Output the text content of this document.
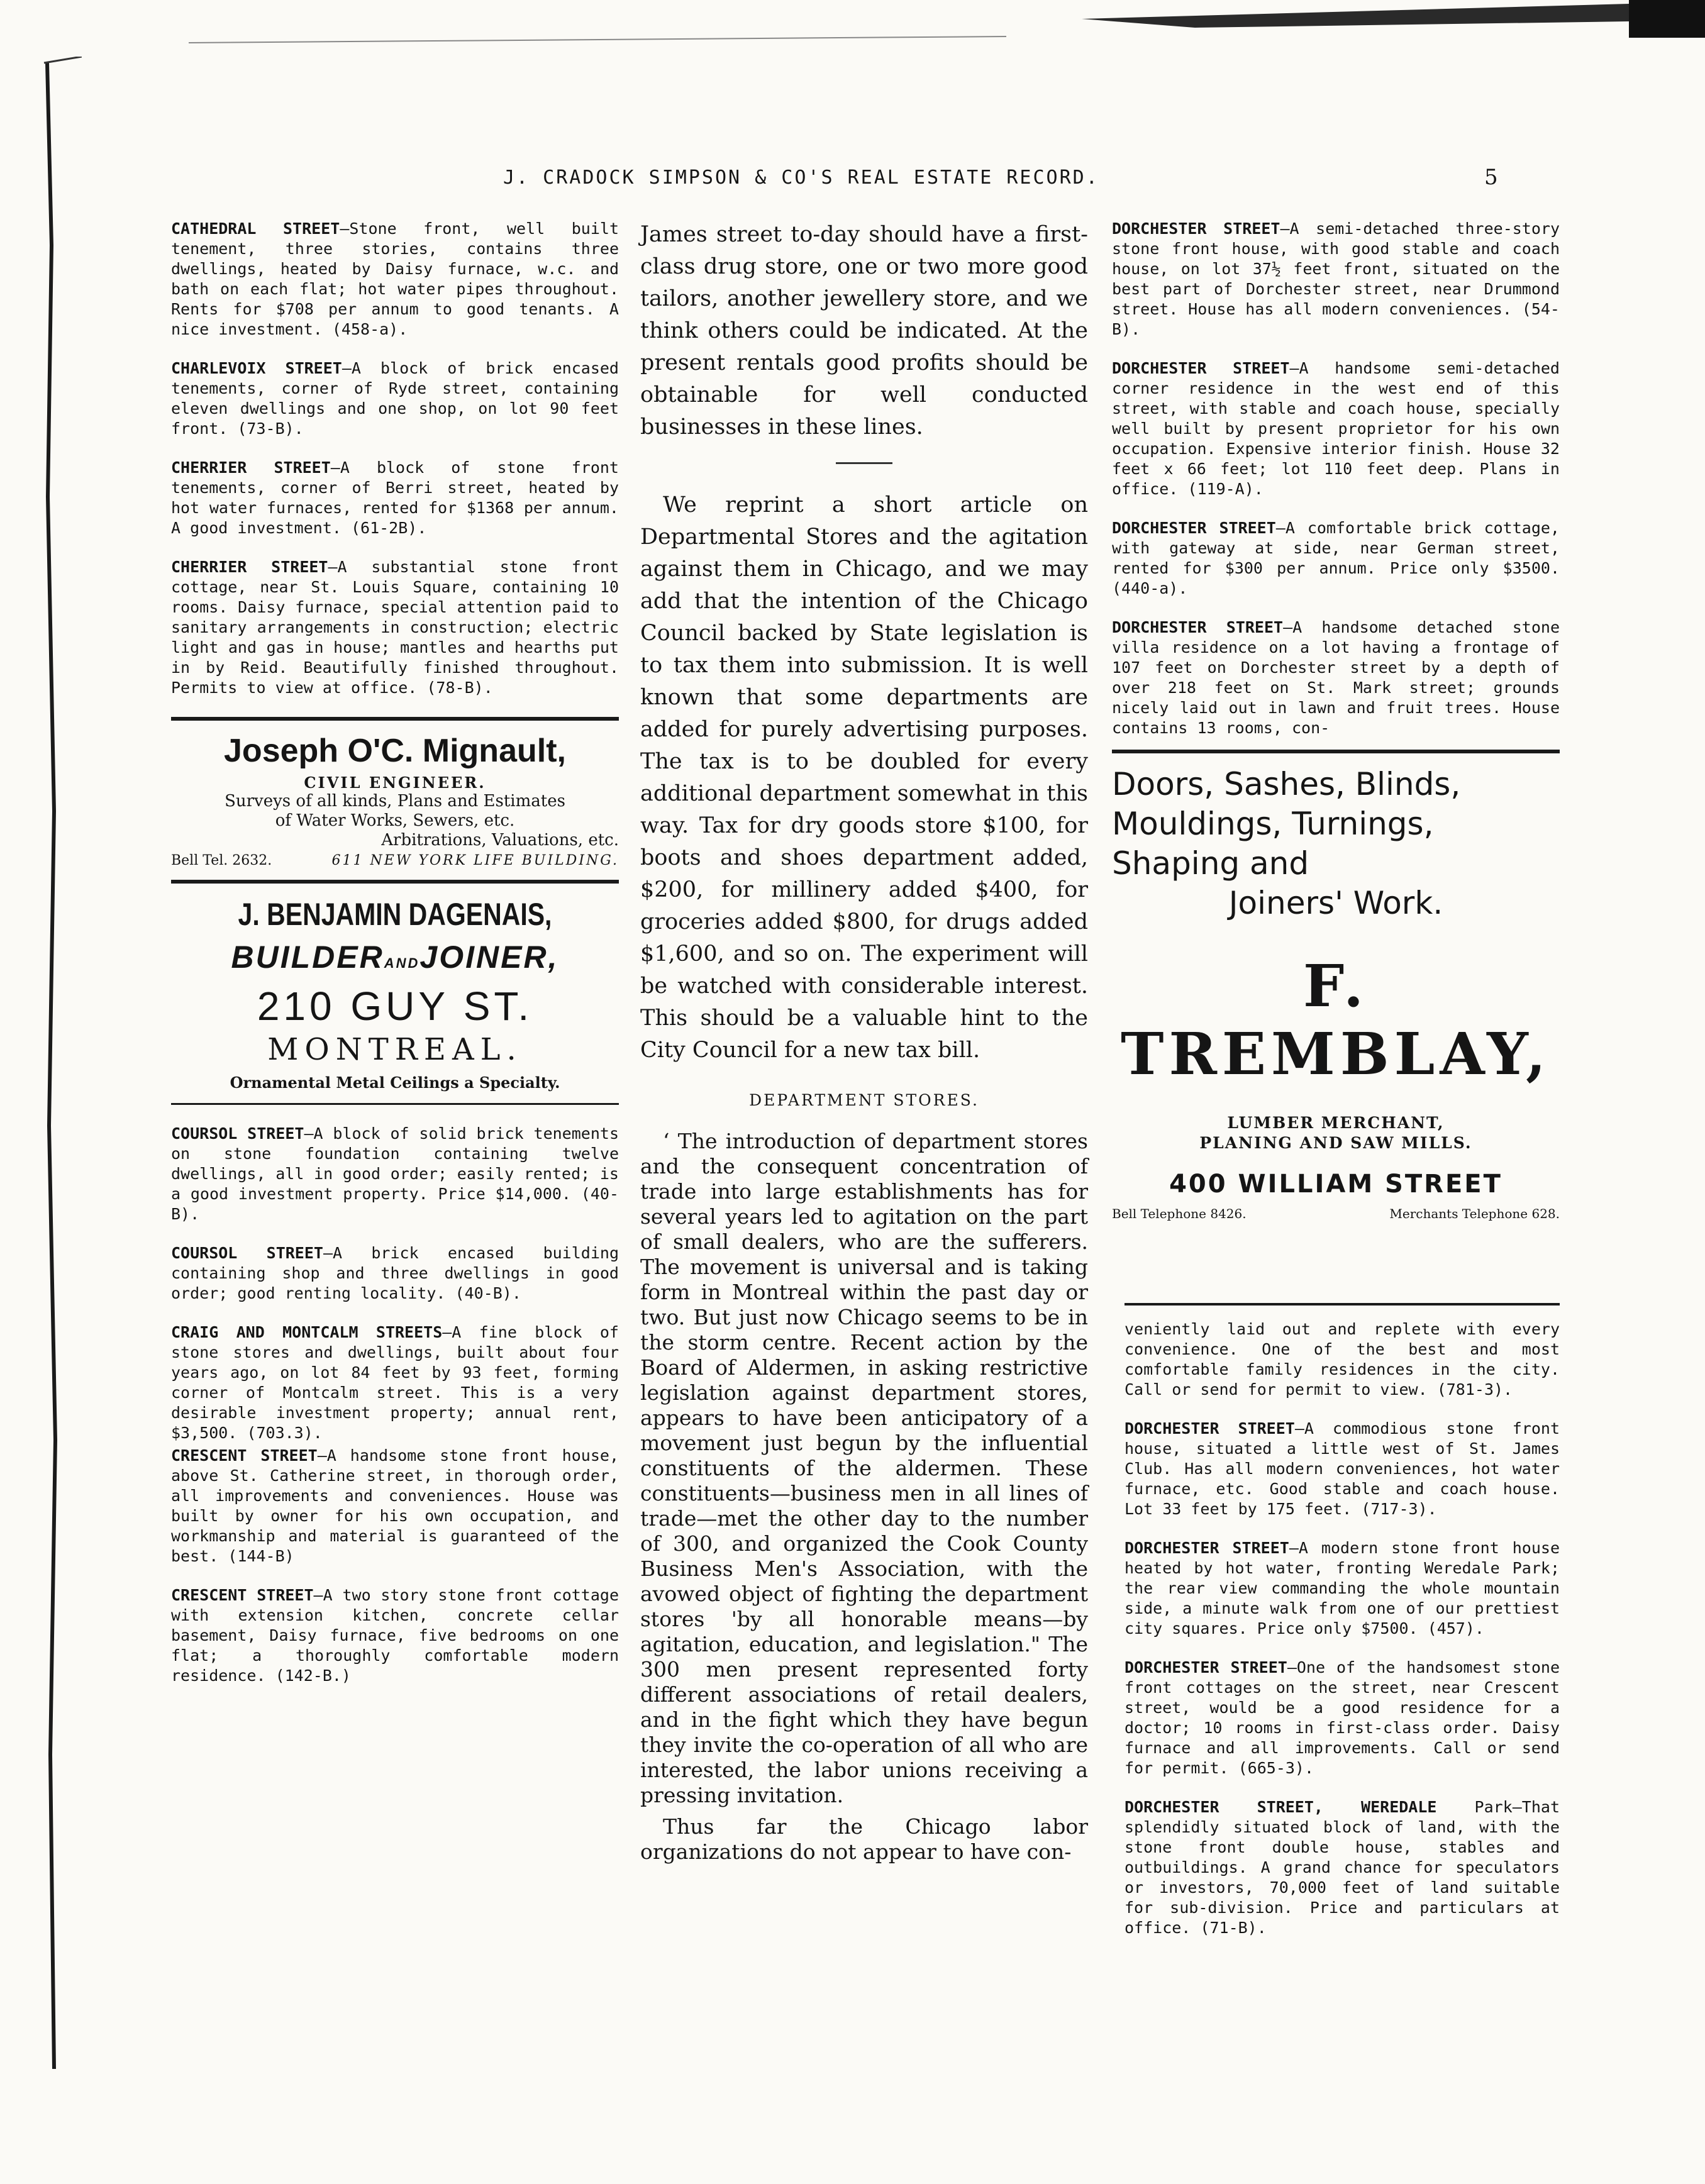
J. CRADOCK SIMPSON & CO'S REAL ESTATE RECORD.	5
CATHEDRAL STREET—Stone front, well built tenement, three stories, contains three dwellings, heated by Daisy furnace, w.c. and bath on each flat; hot water pipes throughout. Rents for $708 per annum to good tenants. A nice investment. (458-a).
CHARLEVOIX STREET—A block of brick encased tenements, corner of Ryde street, containing eleven dwellings and one shop, on lot 90 feet front. (73-B).
CHERRIER STREET—A block of stone front tenements, corner of Berri street, heated by hot water furnaces, rented for $1368 per annum. A good investment. (61-2B).
CHERRIER STREET—A substantial stone front cottage, near St. Louis Square, containing 10 rooms. Daisy furnace, special attention paid to sanitary arrangements in construction; electric light and gas in house; mantles and hearths put in by Reid. Beautifully finished throughout. Permits to view at office. (78-B).
Joseph O'C. Mignault,
CIVIL ENGINEER.
Surveys of all kinds, Plans and Estimates
of Water Works, Sewers, etc.
Arbitrations, Valuations, etc.
Bell Tel. 2632.	611 NEW YORK LIFE BUILDING.
J. BENJAMIN DAGENAIS,
BUILDERANDJOINER,
210 GUY ST.
MONTREAL.
Ornamental Metal Ceilings a Specialty.
COURSOL STREET—A block of solid brick tenements on stone foundation containing twelve dwellings, all in good order; easily rented; is a good investment property. Price $14,000. (40-B).
COURSOL STREET—A brick encased building containing shop and three dwellings in good order; good renting locality. (40-B).
CRAIG AND MONTCALM STREETS—A fine block of stone stores and dwellings, built about four years ago, on lot 84 feet by 93 feet, forming corner of Montcalm street. This is a very desirable investment property; annual rent, $3,500. (703.3).
CRESCENT STREET—A handsome stone front house, above St. Catherine street, in thorough order, all improvements and conveniences. House was built by owner for his own occupation, and workmanship and material is guaranteed of the best. (144-B)
CRESCENT STREET—A two story stone front cottage with extension kitchen, concrete cellar basement, Daisy furnace, five bedrooms on one flat; a thoroughly comfortable modern residence. (142-B.)

James street to-day should have a first-class drug store, one or two more good tailors, another jewellery store, and we think others could be indicated. At the present rentals good profits should be obtainable for well conducted businesses in these lines.

We reprint a short article on Departmental Stores and the agitation against them in Chicago, and we may add that the intention of the Chicago Council backed by State legislation is to tax them into submission. It is well known that some departments are added for purely advertising purposes. The tax is to be doubled for every additional department somewhat in this way. Tax for dry goods store $100, for boots and shoes department added, $200, for millinery added $400, for groceries added $800, for drugs added $1,600, and so on. The experiment will be watched with considerable interest. This should be a valuable hint to the City Council for a new tax bill.

DEPARTMENT STORES.

‘ The introduction of department stores and the consequent concentration of trade into large establishments has for several years led to agitation on the part of small dealers, who are the sufferers. The movement is universal and is taking form in Montreal within the past day or two. But just now Chicago seems to be in the storm centre. Recent action by the Board of Aldermen, in asking restrictive legislation against department stores, appears to have been anticipatory of a movement just begun by the influential constituents of the aldermen. These constituents—business men in all lines of trade—met the other day to the number of 300, and organized the Cook County Business Men's Association, with the avowed object of fighting the department stores 'by all honorable means—by agitation, education, and legislation." The 300 men present represented forty different associations of retail dealers, and in the fight which they have begun they invite the co-operation of all who are interested, the labor unions receiving a pressing invitation.

Thus far the Chicago labor organizations do not appear to have con-

DORCHESTER STREET—A semi-detached three-story stone front house, with good stable and coach house, on lot 37½ feet front, situated on the best part of Dorchester street, near Drummond street. House has all modern conveniences. (54-B).
DORCHESTER STREET—A handsome semi-detached corner residence in the west end of this street, with stable and coach house, specially well built by present proprietor for his own occupation. Expensive interior finish. House 32 feet x 66 feet; lot 110 feet deep. Plans in office. (119-A).
DORCHESTER STREET—A comfortable brick cottage, with gateway at side, near German street, rented for $300 per annum. Price only $3500. (440-a).
DORCHESTER STREET—A handsome detached stone villa residence on a lot having a frontage of 107 feet on Dorchester street by a depth of over 218 feet on St. Mark street; grounds nicely laid out in lawn and fruit trees. House contains 13 rooms, con-
Doors, Sashes, Blinds,
Mouldings, Turnings,
Shaping and
Joiners' Work.
F. TREMBLAY,
LUMBER MERCHANT,
PLANING AND SAW MILLS.
400 WILLIAM STREET
Bell Telephone 8426.	Merchants Telephone 628.
veniently laid out and replete with every convenience. One of the best and most comfortable family residences in the city. Call or send for permit to view. (781-3).
DORCHESTER STREET—A commodious stone front house, situated a little west of St. James Club. Has all modern conveniences, hot water furnace, etc. Good stable and coach house. Lot 33 feet by 175 feet. (717-3).
DORCHESTER STREET—A modern stone front house heated by hot water, fronting Weredale Park; the rear view commanding the whole mountain side, a minute walk from one of our prettiest city squares. Price only $7500. (457).
DORCHESTER STREET—One of the handsomest stone front cottages on the street, near Crescent street, would be a good residence for a doctor; 10 rooms in first-class order. Daisy furnace and all improvements. Call or send for permit. (665-3).
DORCHESTER STREET, WEREDALE Park—That splendidly situated block of land, with the stone front double house, stables and outbuildings. A grand chance for speculators or investors, 70,000 feet of land suitable for sub-division. Price and particulars at office. (71-B).
